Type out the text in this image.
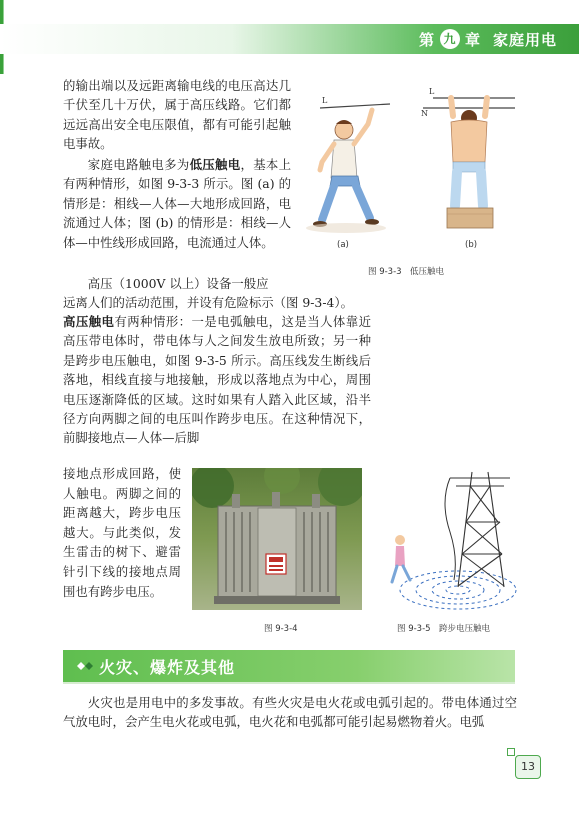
第 九 章 家庭用电

的输出端以及远距离输电线的电压高达几千伏至几十万伏，属于高压线路。它们都远远高出安全电压限值，都有可能引起触电事故。

家庭电路触电多为低压触电，基本上有两种情形，如图 9-3-3 所示。图 (a) 的情形是：相线—人体—大地形成回路，电流通过人体；图 (b) 的情形是：相线—人体—中性线形成回路，电流通过人体。

高压（1000V 以上）设备一般应

远离人们的活动范围，并设有危险标示（图 9-3-4）。

高压触电有两种情形：一是电弧触电，这是当人体靠近高压带电体时，带电体与人之间发生放电所致；另一种是跨步电压触电，如图 9-3-5 所示。高压线发生断线后落地，相线直接与地接触，形成以落地点为中心，周围电压逐渐降低的区域。这时如果有人踏入此区域，沿半径方向两脚之间的电压叫作跨步电压。在这种情况下，前脚接地点—人体—后脚

接地点形成回路，使人触电。两脚之间的距离越大，跨步电压越大。与此类似，发生雷击的树下、避雷针引下线的接地点周围也有跨步电压。

L
(a)
L
N
(b)
图 9-3-3　低压触电
图 9-3-4	图 9-3-5　跨步电压触电
火灾、爆炸及其他

火灾也是用电中的多发事故。有些火灾是电火花或电弧引起的。带电体通过空气放电时，会产生电火花或电弧，电火花和电弧都可能引起易燃物着火。电弧

13
